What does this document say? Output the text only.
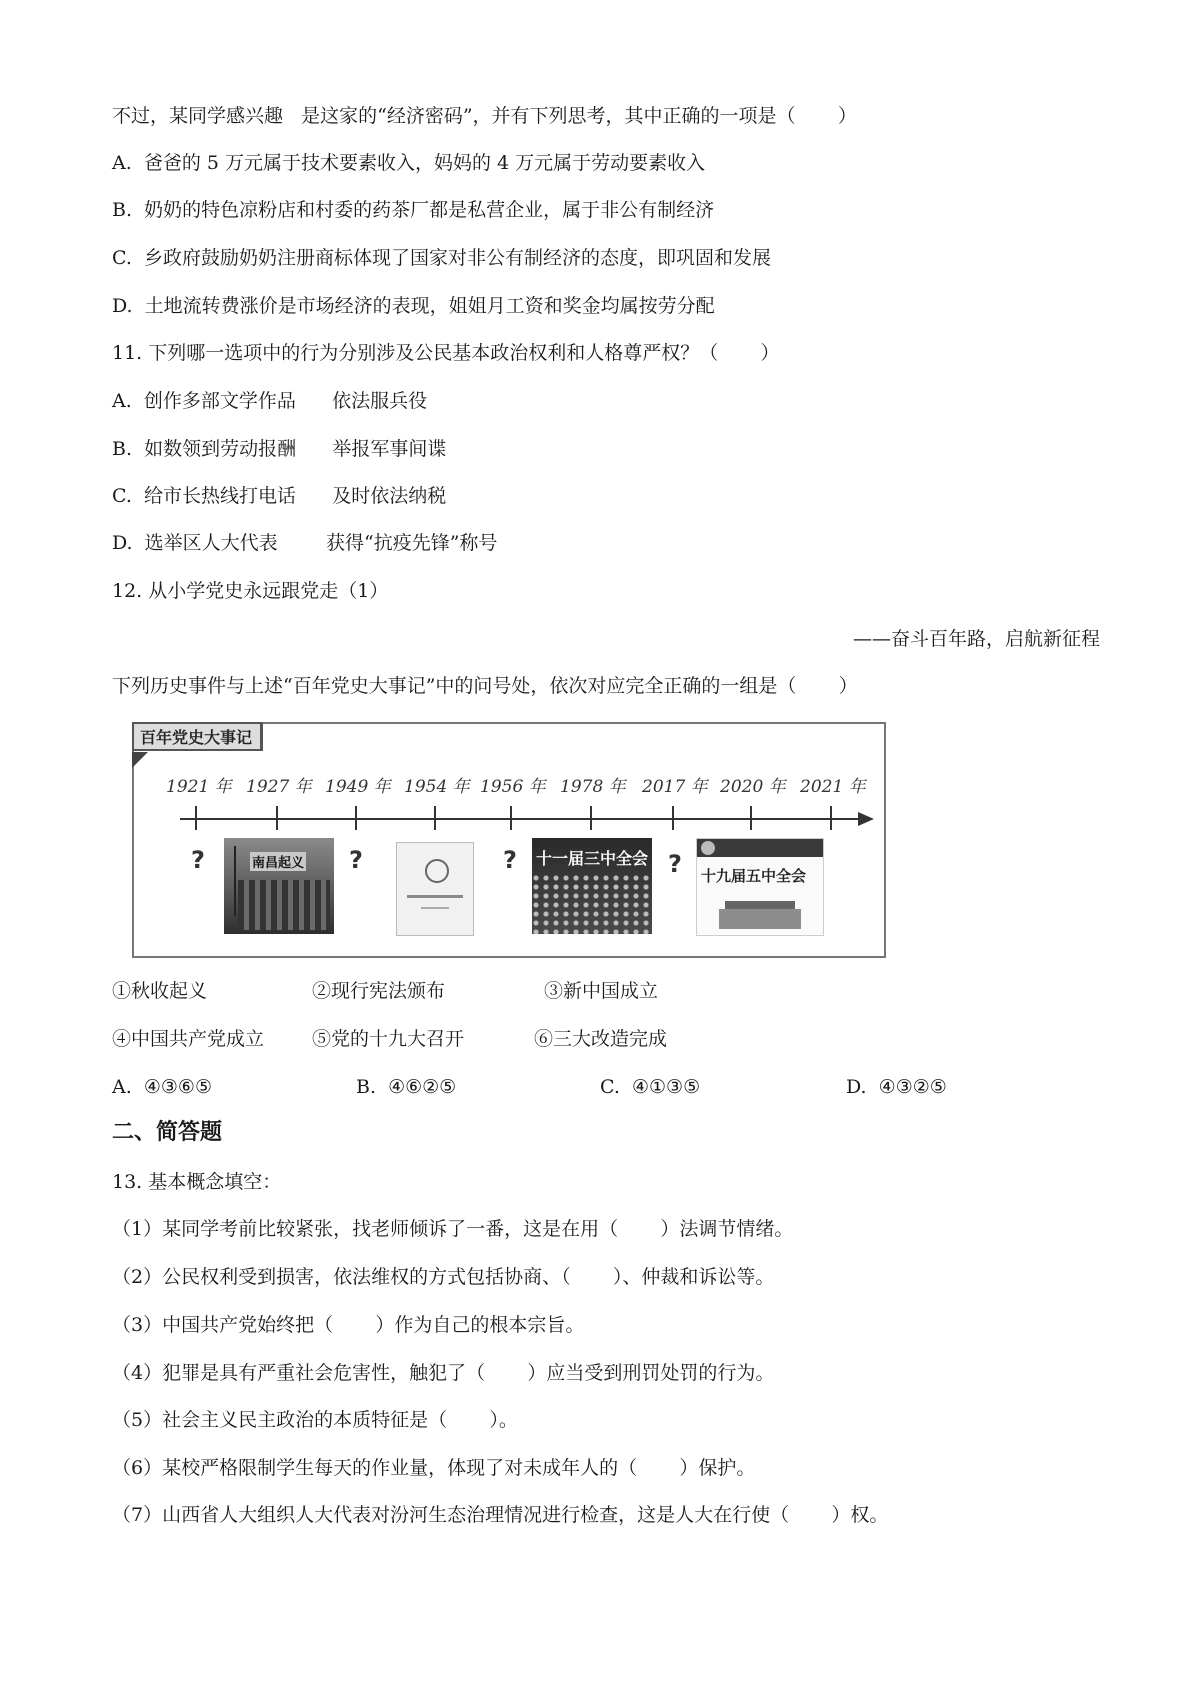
不过，某同学感兴趣   是这家的“经济密码”，并有下列思考，其中正确的一项是（       ）
A.  爸爸的 5 万元属于技术要素收入，妈妈的 4 万元属于劳动要素收入
B.  奶奶的特色凉粉店和村委的药茶厂都是私营企业，属于非公有制经济
C.  乡政府鼓励奶奶注册商标体现了国家对非公有制经济的态度，即巩固和发展
D.  土地流转费涨价是市场经济的表现，姐姐月工资和奖金均属按劳分配
11. 下列哪一选项中的行为分别涉及公民基本政治权利和人格尊严权？（       ）
A.  创作多部文学作品      依法服兵役
B.  如数领到劳动报酬      举报军事间谍
C.  给市长热线打电话      及时依法纳税
D.  选举区人大代表        获得“抗疫先锋”称号
12. 从小学党史永远跟党走（1）
——奋斗百年路，启航新征程
下列历史事件与上述“百年党史大事记”中的问号处，依次对应完全正确的一组是（       ）
百年党史大事记
1921 年 1927 年 1949 年 1954 年 1956 年 1978 年 2017 年 2020 年 2021 年
?	?	?	?
南昌起义	十一届三中全会
十九届五中全会
①秋收起义	②现行宪法颁布	③新中国成立
④中国共产党成立	⑤党的十九大召开	⑥三大改造完成
A.  ④③⑥⑤	B.  ④⑥②⑤	C.  ④①③⑤	D.  ④③②⑤
二、简答题
13. 基本概念填空：
（1）某同学考前比较紧张，找老师倾诉了一番，这是在用（       ）法调节情绪。
（2）公民权利受到损害，依法维权的方式包括协商、（       ）、仲裁和诉讼等。
（3）中国共产党始终把（       ）作为自己的根本宗旨。
（4）犯罪是具有严重社会危害性，触犯了（       ）应当受到刑罚处罚的行为。
（5）社会主义民主政治的本质特征是（       ）。
（6）某校严格限制学生每天的作业量，体现了对未成年人的（       ）保护。
（7）山西省人大组织人大代表对汾河生态治理情况进行检查，这是人大在行使（       ）权。
